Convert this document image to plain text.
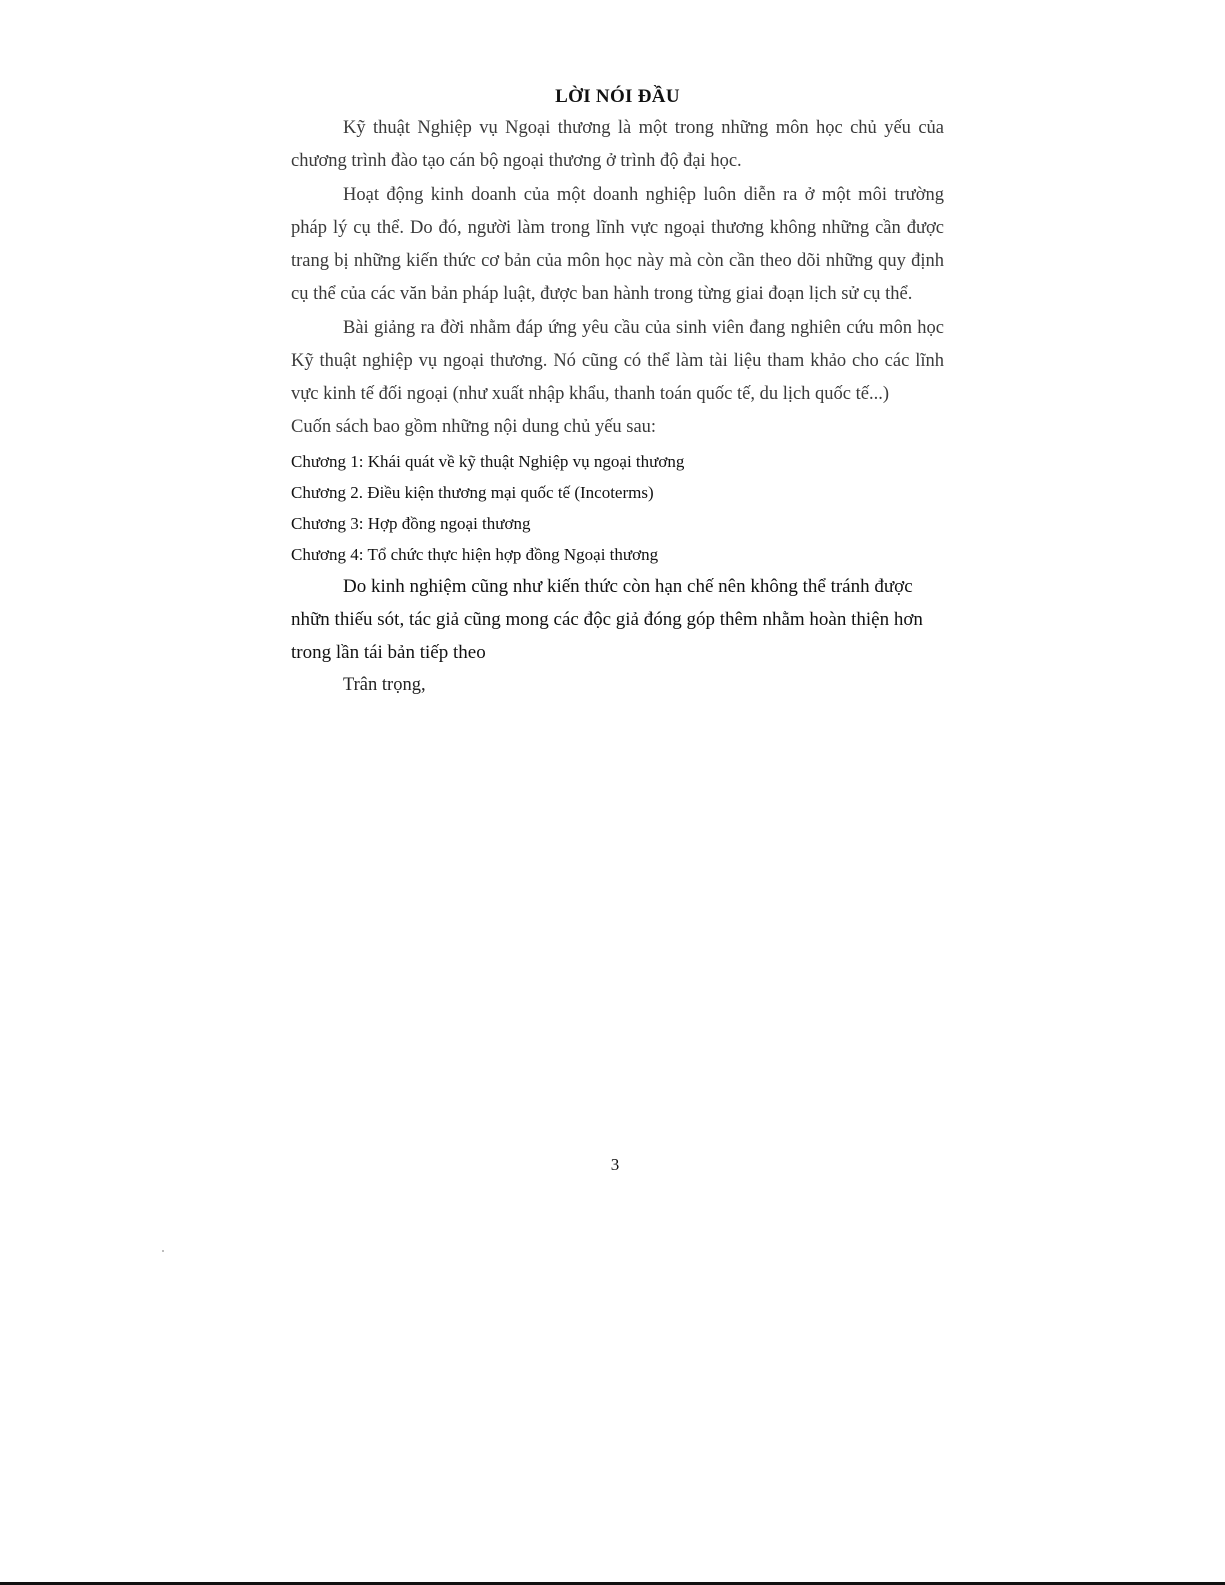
LỜI NÓI ĐẦU

Kỹ thuật Nghiệp vụ Ngoại thương là một trong những môn học chủ yếu của chương trình đào tạo cán bộ ngoại thương ở trình độ đại học.

Hoạt động kinh doanh của một doanh nghiệp luôn diễn ra ở một môi trường pháp lý cụ thể. Do đó, người làm trong lĩnh vực ngoại thương không những cần được trang bị những kiến thức cơ bản của môn học này mà còn cần theo dõi những quy định cụ thể của các văn bản pháp luật, được ban hành trong từng giai đoạn lịch sử cụ thể.

Bài giảng ra đời nhằm đáp ứng yêu cầu của sinh viên đang nghiên cứu môn học Kỹ thuật nghiệp vụ ngoại thương. Nó cũng có thể làm tài liệu tham khảo cho các lĩnh vực kinh tế đối ngoại (như xuất nhập khẩu, thanh toán quốc tế, du lịch quốc tế...)

Cuốn sách bao gồm những nội dung chủ yếu sau:

Chương 1: Khái quát về kỹ thuật Nghiệp vụ ngoại thương
Chương 2. Điều kiện thương mại quốc tế (Incoterms)
Chương 3: Hợp đồng ngoại thương
Chương 4: Tổ chức thực hiện hợp đồng Ngoại thương

Do kinh nghiệm cũng như kiến thức còn hạn chế nên không thể tránh được nhữn thiếu sót, tác giả cũng mong các độc giả đóng góp thêm nhằm hoàn thiện hơn trong lần tái bản tiếp theo

Trân trọng,

3
